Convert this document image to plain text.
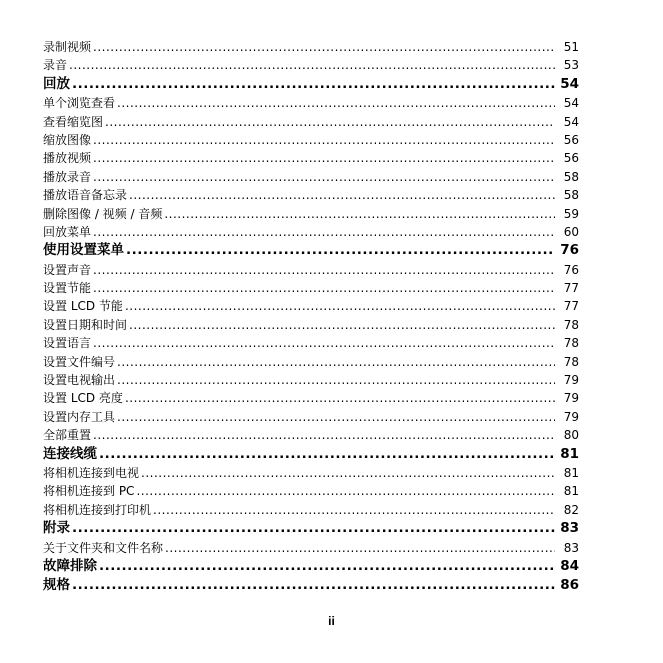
录制视频 .....	51
录音 .....	53
回放 .....	54
单个浏览查看 .....	54
查看缩览图 .....	54
缩放图像 .....	56
播放视频 .....	56
播放录音 .....	58
播放语音备忘录 .....	58
删除图像 / 视频 / 音频 .....	59
回放菜单 .....	60
使用设置菜单 .....	76
设置声音 .....	76
设置节能 .....	77
设置 LCD 节能 .....	77
设置日期和时间 .....	78
设置语言 .....	78
设置文件编号 .....	78
设置电视输出 .....	79
设置 LCD 亮度 .....	79
设置内存工具 .....	79
全部重置 .....	80
连接线缆 .....	81
将相机连接到电视 .....	81
将相机连接到 PC .....	81
将相机连接到打印机 .....	82
附录 .....	83
关于文件夹和文件名称 .....	83
故障排除 .....	84
规格 .....	86
ii
